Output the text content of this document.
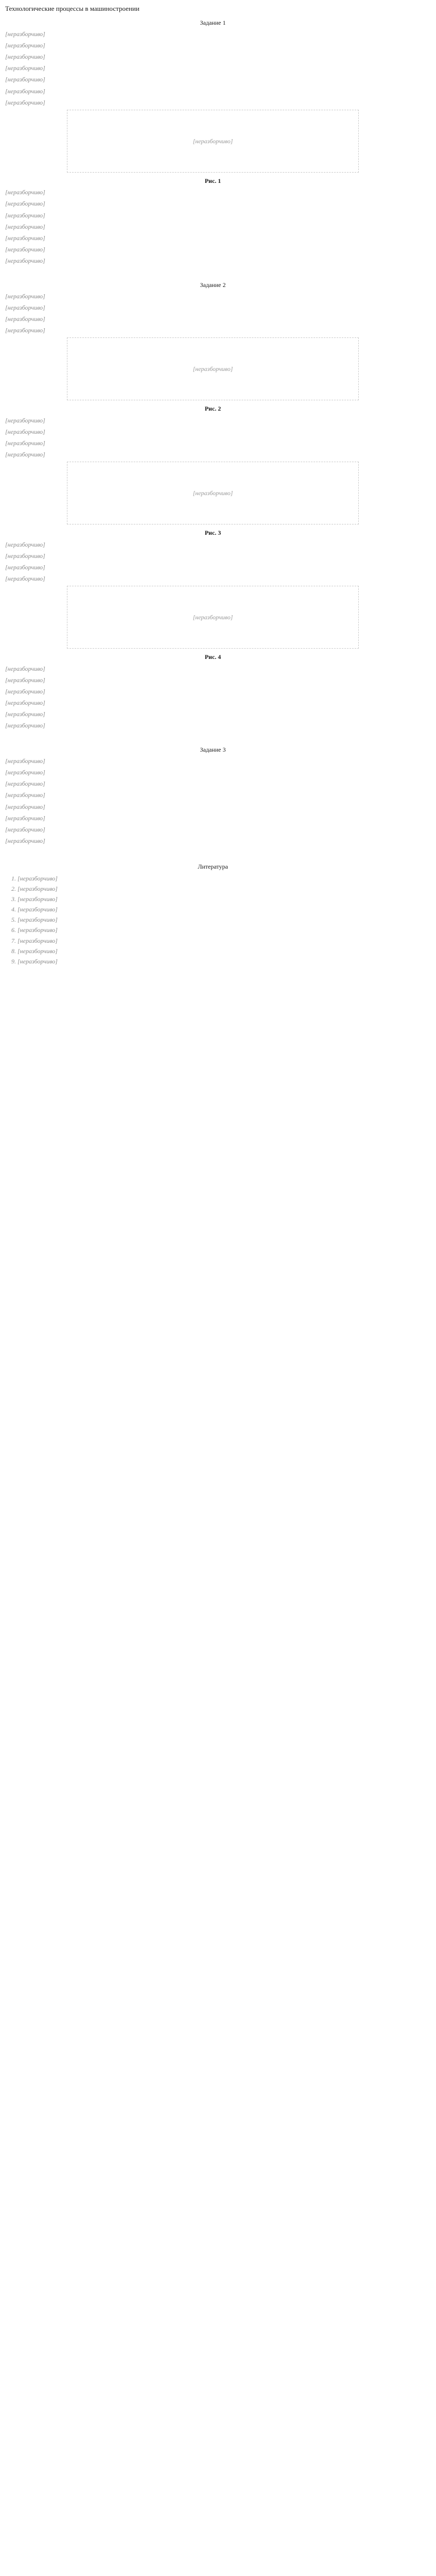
Технологические процессы в машиностроении
Задание 1

[неразборчиво]

[неразборчиво]

[неразборчиво]

[неразборчиво]

[неразборчиво]

[неразборчиво]

[неразборчиво]

[неразборчиво]
Рис. 1

[неразборчиво]

[неразборчиво]

[неразборчиво]

[неразборчиво]

[неразборчиво]

[неразборчиво]

[неразборчиво]

Задание 2

[неразборчиво]

[неразборчиво]

[неразборчиво]

[неразборчиво]

[неразборчиво]
Рис. 2

[неразборчиво]

[неразборчиво]

[неразборчиво]

[неразборчиво]

[неразборчиво]
Рис. 3

[неразборчиво]

[неразборчиво]

[неразборчиво]

[неразборчиво]

[неразборчиво]
Рис. 4

[неразборчиво]

[неразборчиво]

[неразборчиво]

[неразборчиво]

[неразборчиво]

[неразборчиво]

Задание 3

[неразборчиво]

[неразборчиво]

[неразборчиво]

[неразборчиво]

[неразборчиво]

[неразборчиво]

[неразборчиво]

[неразборчиво]

Литература
1. [неразборчиво]
2. [неразборчиво]
3. [неразборчиво]
4. [неразборчиво]
5. [неразборчиво]
6. [неразборчиво]
7. [неразборчиво]
8. [неразборчиво]
9. [неразборчиво]
